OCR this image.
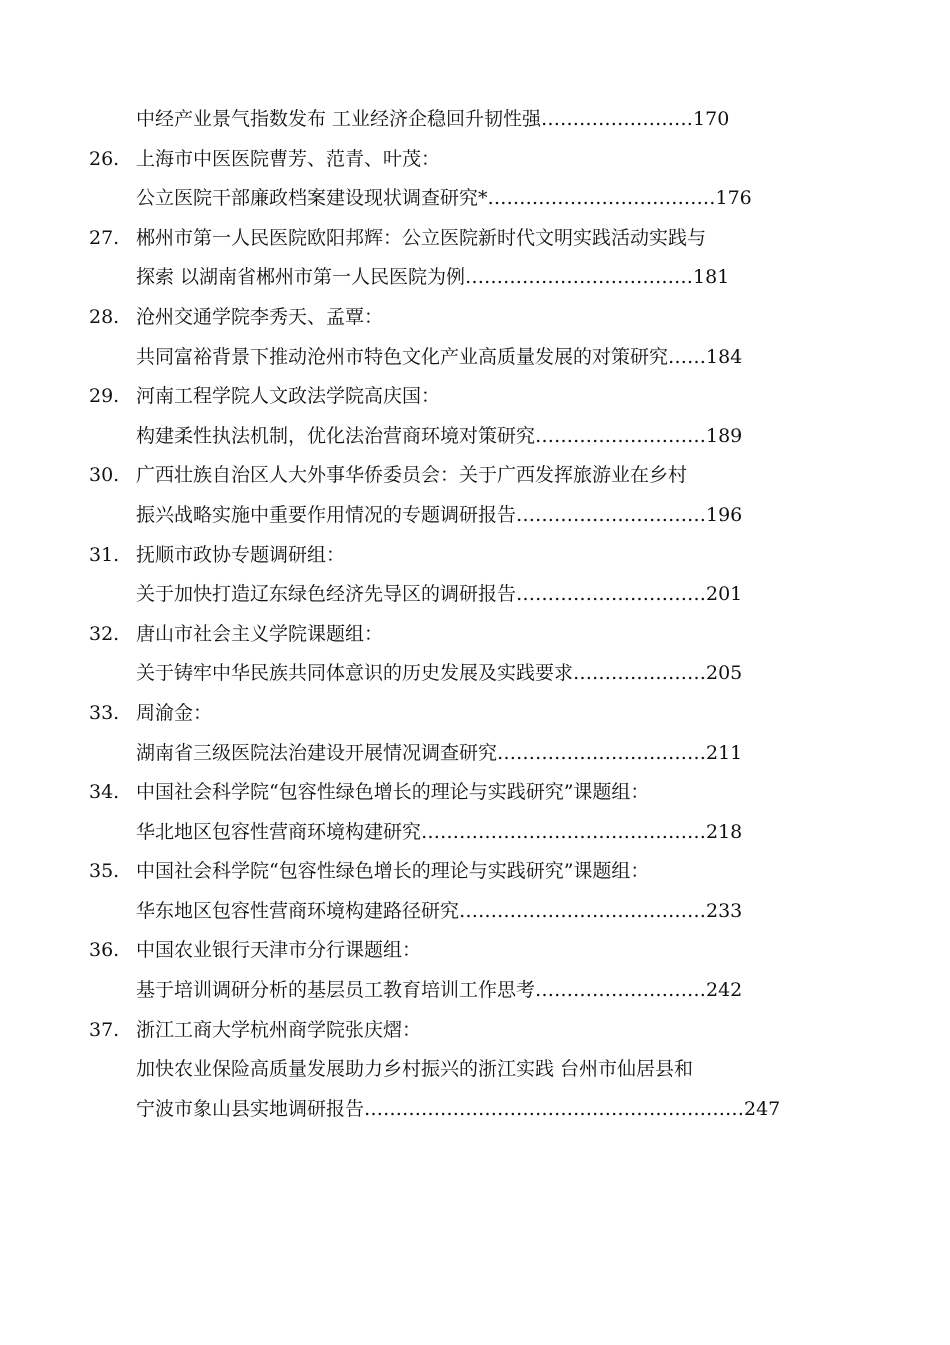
中经产业景气指数发布 工业经济企稳回升韧性强……………………170
26. 上海市中医医院曹芳、范青、叶茂：
公立医院干部廉政档案建设现状调查研究*………………………………176
27. 郴州市第一人民医院欧阳邦辉：公立医院新时代文明实践活动实践与
探索 以湖南省郴州市第一人民医院为例………………………………181
28. 沧州交通学院李秀天、孟覃：
共同富裕背景下推动沧州市特色文化产业高质量发展的对策研究……184
29. 河南工程学院人文政法学院高庆国：
构建柔性执法机制，优化法治营商环境对策研究………………………189
30. 广西壮族自治区人大外事华侨委员会：关于广西发挥旅游业在乡村
振兴战略实施中重要作用情况的专题调研报告…………………………196
31. 抚顺市政协专题调研组：
关于加快打造辽东绿色经济先导区的调研报告…………………………201
32. 唐山市社会主义学院课题组：
关于铸牢中华民族共同体意识的历史发展及实践要求…………………205
33. 周渝金：
湖南省三级医院法治建设开展情况调查研究……………………………211
34. 中国社会科学院“包容性绿色增长的理论与实践研究”课题组：
华北地区包容性营商环境构建研究………………………………………218
35. 中国社会科学院“包容性绿色增长的理论与实践研究”课题组：
华东地区包容性营商环境构建路径研究…………………………………233
36. 中国农业银行天津市分行课题组：
基于培训调研分析的基层员工教育培训工作思考………………………242
37. 浙江工商大学杭州商学院张庆熠：
加快农业保险高质量发展助力乡村振兴的浙江实践 台州市仙居县和
宁波市象山县实地调研报告……………………………………………………247
